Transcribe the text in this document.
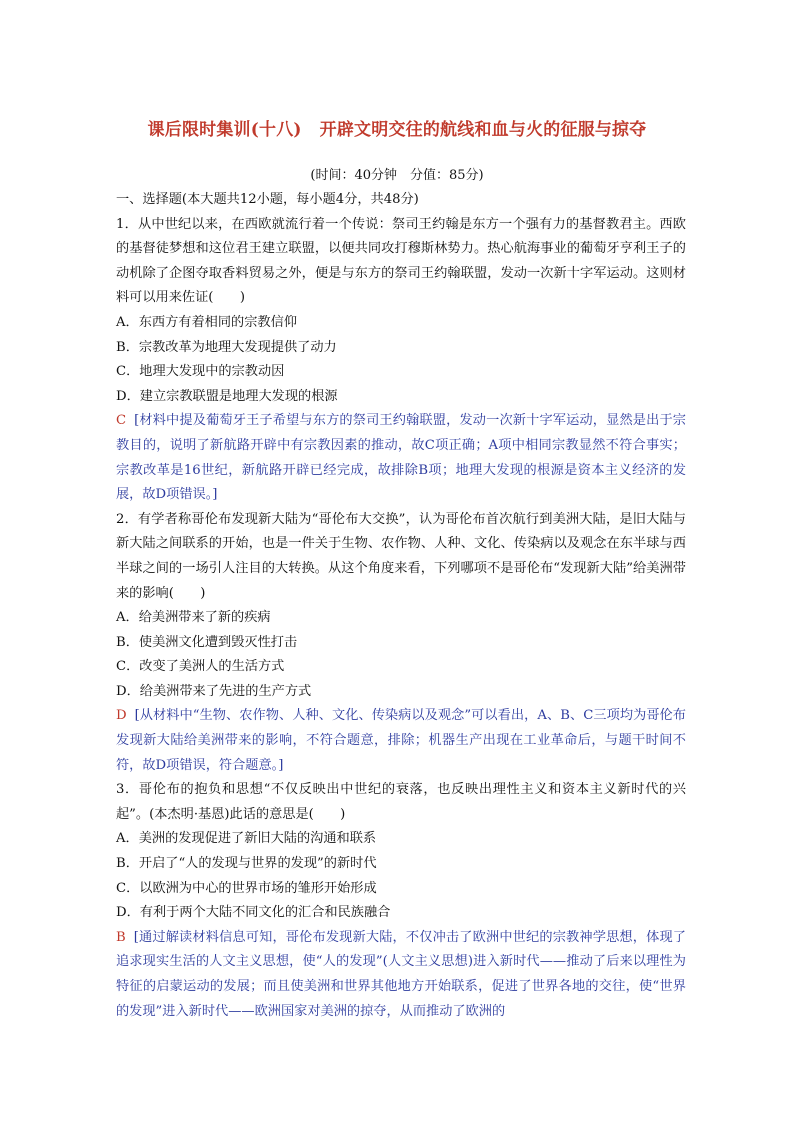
课后限时集训(十八) 开辟文明交往的航线和血与火的征服与掠夺
(时间：40分钟　分值：85分)

一、选择题(本大题共12小题，每小题4分，共48分)

1．从中世纪以来，在西欧就流行着一个传说：祭司王约翰是东方一个强有力的基督教君主。西欧的基督徒梦想和这位君王建立联盟，以便共同攻打穆斯林势力。热心航海事业的葡萄牙亨利王子的动机除了企图夺取香料贸易之外，便是与东方的祭司王约翰联盟，发动一次新十字军运动。这则材料可以用来佐证(　　)

A．东西方有着相同的宗教信仰

B．宗教改革为地理大发现提供了动力

C．地理大发现中的宗教动因

D．建立宗教联盟是地理大发现的根源

C [材料中提及葡萄牙王子希望与东方的祭司王约翰联盟，发动一次新十字军运动，显然是出于宗教目的，说明了新航路开辟中有宗教因素的推动，故C项正确；A项中相同宗教显然不符合事实；宗教改革是16世纪，新航路开辟已经完成，故排除B项；地理大发现的根源是资本主义经济的发展，故D项错误。]

2．有学者称哥伦布发现新大陆为“哥伦布大交换”，认为哥伦布首次航行到美洲大陆，是旧大陆与新大陆之间联系的开始，也是一件关于生物、农作物、人种、文化、传染病以及观念在东半球与西半球之间的一场引人注目的大转换。从这个角度来看，下列哪项不是哥伦布“发现新大陆”给美洲带来的影响(　　)

A．给美洲带来了新的疾病

B．使美洲文化遭到毁灭性打击

C．改变了美洲人的生活方式

D．给美洲带来了先进的生产方式

D [从材料中“生物、农作物、人种、文化、传染病以及观念”可以看出，A、B、C三项均为哥伦布发现新大陆给美洲带来的影响，不符合题意，排除；机器生产出现在工业革命后，与题干时间不符，故D项错误，符合题意。]

3．哥伦布的抱负和思想“不仅反映出中世纪的衰落，也反映出理性主义和资本主义新时代的兴起”。(本杰明·基恩)此话的意思是(　　)

A．美洲的发现促进了新旧大陆的沟通和联系

B．开启了“人的发现与世界的发现”的新时代

C．以欧洲为中心的世界市场的雏形开始形成

D．有利于两个大陆不同文化的汇合和民族融合

B [通过解读材料信息可知，哥伦布发现新大陆，不仅冲击了欧洲中世纪的宗教神学思想，体现了追求现实生活的人文主义思想，使“人的发现”(人文主义思想)进入新时代——推动了后来以理性为特征的启蒙运动的发展；而且使美洲和世界其他地方开始联系，促进了世界各地的交往，使“世界的发现”进入新时代——欧洲国家对美洲的掠夺，从而推动了欧洲的
